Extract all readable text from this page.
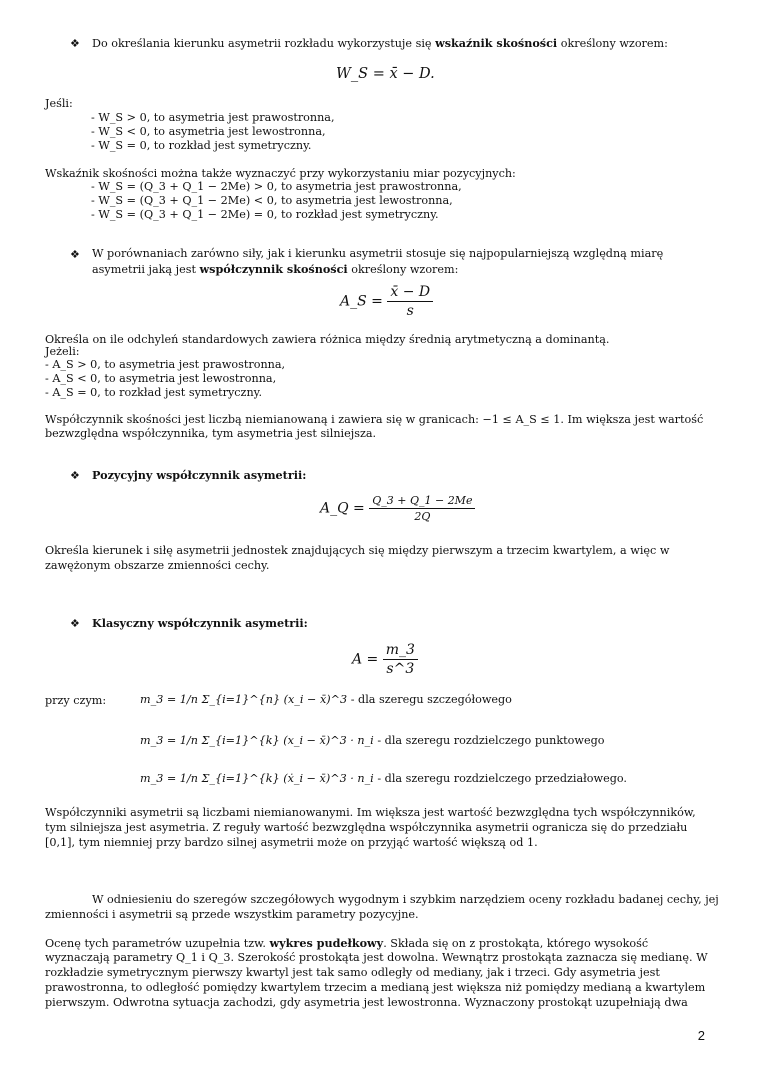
❖ Do określania kierunku asymetrii rozkładu wykorzystuje się wskaźnik skośności określony wzorem:
W_S = x̄ − D.
Jeśli:
- W_S > 0, to asymetria jest prawostronna,
- W_S < 0, to asymetria jest lewostronna,
- W_S = 0, to rozkład jest symetryczny.
Wskaźnik skośności można także wyznaczyć przy wykorzystaniu miar pozycyjnych:
- W_S = (Q_3 + Q_1 − 2Me) > 0, to asymetria jest prawostronna,
- W_S = (Q_3 + Q_1 − 2Me) < 0, to asymetria jest lewostronna,
- W_S = (Q_3 + Q_1 − 2Me) = 0, to rozkład jest symetryczny.
❖ W porównaniach zarówno siły, jak i kierunku asymetrii stosuje się najpopularniejszą względną miarę
asymetrii jaką jest współczynnik skośności określony wzorem:
A_S = $\frac{x̄ - D}{s}$
Określa on ile odchyleń standardowych zawiera różnica między średnią arytmetyczną a dominantą.
Jeżeli:
- A_S > 0, to asymetria jest prawostronna,
- A_S < 0, to asymetria jest lewostronna,
- A_S = 0, to rozkład jest symetryczny.
Współczynnik skośności jest liczbą niemianowaną i zawiera się w granicach: −1 ≤ A_S ≤ 1. Im większa jest wartość
bezwzględna współczynnika, tym asymetria jest silniejsza.
❖ Pozycyjny współczynnik asymetrii:
A_Q = $\frac{Q\_3 + Q\_1 - 2Me}{2Q}$
Określa kierunek i siłę asymetrii jednostek znajdujących się między pierwszym a trzecim kwartylem, a więc w
zawężonym obszarze zmienności cechy.
❖ Klasyczny współczynnik asymetrii:
$A = \frac{m\_3}{s\^{}3}$
przy czym:	m_3 = 1/n Σ_{i=1}^{n} (x_i − x̄)^3 - dla szeregu szczegółowego
m_3 = 1/n Σ_{i=1}^{k} (x_i − x̄)^3 · n_i - dla szeregu rozdzielczego punktowego
m_3 = 1/n Σ_{i=1}^{k} (ẋ_i − x̄)^3 · n_i - dla szeregu rozdzielczego przedziałowego.
Współczynniki asymetrii są liczbami niemianowanymi. Im większa jest wartość bezwzględna tych współczynników,
tym silniejsza jest asymetria. Z reguły wartość bezwzględna współczynnika asymetrii ogranicza się do przedziału
[0,1], tym niemniej przy bardzo silnej asymetrii może on przyjąć wartość większą od 1.
W odniesieniu do szeregów szczegółowych wygodnym i szybkim narzędziem oceny rozkładu badanej cechy, jej
zmienności i asymetrii są przede wszystkim parametry pozycyjne.
Ocenę tych parametrów uzupełnia tzw. wykres pudełkowy. Składa się on z prostokąta, którego wysokość
wyznaczają parametry Q_1 i Q_3. Szerokość prostokąta jest dowolna. Wewnątrz prostokąta zaznacza się medianę. W
rozkładzie symetrycznym pierwszy kwartyl jest tak samo odległy od mediany, jak i trzeci. Gdy asymetria jest
prawostronna, to odległość pomiędzy kwartylem trzecim a medianą jest większa niż pomiędzy medianą a kwartylem
pierwszym. Odwrotna sytuacja zachodzi, gdy asymetria jest lewostronna. Wyznaczony prostokąt uzupełniają dwa
2
